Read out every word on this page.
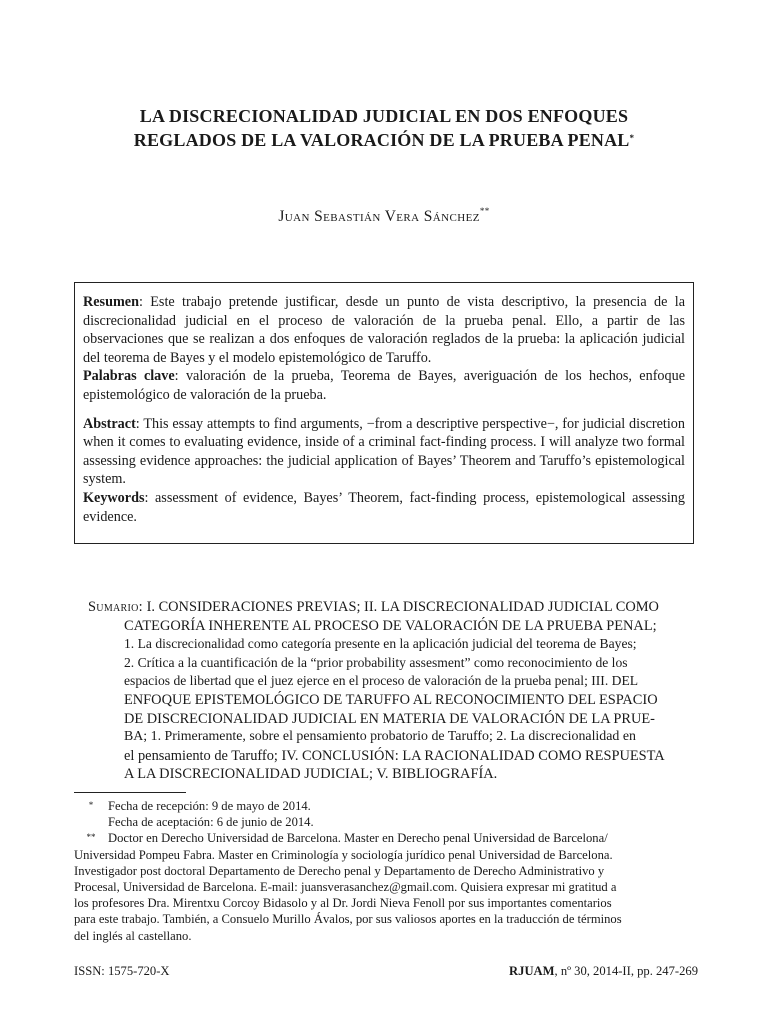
LA DISCRECIONALIDAD JUDICIAL EN DOS ENFOQUES
REGLADOS DE LA VALORACIÓN DE LA PRUEBA PENAL*
Juan Sebastián Vera Sánchez**

Resumen: Este trabajo pretende justificar, desde un punto de vista descriptivo, la presencia de la discrecionalidad judicial en el proceso de valoración de la prueba penal. Ello, a partir de las observaciones que se realizan a dos enfoques de valoración reglados de la prueba: la aplicación judicial del teorema de Bayes y el modelo epistemológico de Taruffo.

Palabras clave: valoración de la prueba, Teorema de Bayes, averiguación de los hechos, enfoque epistemológico de valoración de la prueba.

Abstract: This essay attempts to find arguments, −from a descriptive perspective−, for judicial discretion when it comes to evaluating evidence, inside of a criminal fact-finding process. I will analyze two formal assessing evidence approaches: the judicial application of Bayes’ Theorem and Taruffo’s epistemological system.

Keywords: assessment of evidence, Bayes’ Theorem, fact-finding process, epistemological assessing evidence.

Sumario: I. CONSIDERACIONES PREVIAS; II. LA DISCRECIONALIDAD JUDICIAL COMO
CATEGORÍA INHERENTE AL PROCESO DE VALORACIÓN DE LA PRUEBA PENAL;
1. La discrecionalidad como categoría presente en la aplicación judicial del teorema de Bayes;
2. Crítica a la cuantificación de la “prior probability assesment” como reconocimiento de los
espacios de libertad que el juez ejerce en el proceso de valoración de la prueba penal; III. DEL
ENFOQUE EPISTEMOLÓGICO DE TARUFFO AL RECONOCIMIENTO DEL ESPACIO
DE DISCRECIONALIDAD JUDICIAL EN MATERIA DE VALORACIÓN DE LA PRUE-
BA; 1. Primeramente, sobre el pensamiento probatorio de Taruffo; 2. La discrecionalidad en
el pensamiento de Taruffo; IV. CONCLUSIÓN: LA RACIONALIDAD COMO RESPUESTA
A LA DISCRECIONALIDAD JUDICIAL; V. BIBLIOGRAFÍA.
* Fecha de recepción: 9 de mayo de 2014.
Fecha de aceptación: 6 de junio de 2014.
** Doctor en Derecho Universidad de Barcelona. Master en Derecho penal Universidad de Barcelona/
Universidad Pompeu Fabra. Master en Criminología y sociología jurídico penal Universidad de Barcelona.
Investigador post doctoral Departamento de Derecho penal y Departamento de Derecho Administrativo y
Procesal, Universidad de Barcelona. E-mail: juansverasanchez@gmail.com. Quisiera expresar mi gratitud a
los profesores Dra. Mirentxu Corcoy Bidasolo y al Dr. Jordi Nieva Fenoll por sus importantes comentarios
para este trabajo. También, a Consuelo Murillo Ávalos, por sus valiosos aportes en la traducción de términos
del inglés al castellano.
ISSN: 1575-720-X	RJUAM, nº 30, 2014-II, pp. 247-269
